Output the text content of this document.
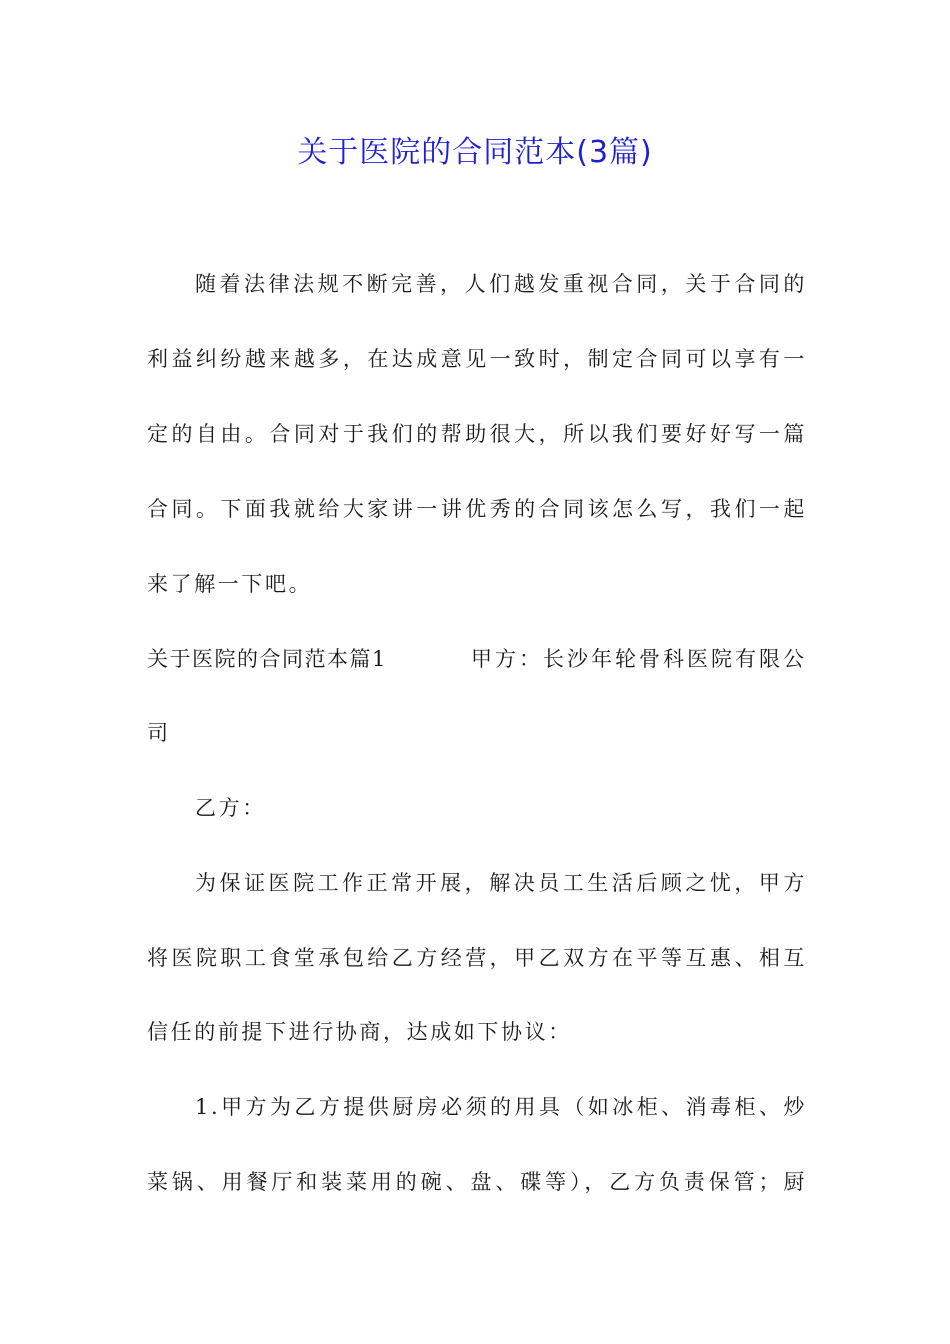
关于医院的合同范本(3篇)
随着法律法规不断完善，人们越发重视合同，关于合同的
利益纠纷越来越多，在达成意见一致时，制定合同可以享有一
定的自由。合同对于我们的帮助很大，所以我们要好好写一篇
合同。下面我就给大家讲一讲优秀的合同该怎么写，我们一起
来了解一下吧。
关于医院的合同范本篇1	甲方：长沙年轮骨科医院有限公
司
乙方：
为保证医院工作正常开展，解决员工生活后顾之忧，甲方
将医院职工食堂承包给乙方经营，甲乙双方在平等互惠、相互
信任的前提下进行协商，达成如下协议：
1.甲方为乙方提供厨房必须的用具（如冰柜、消毒柜、炒
菜锅、用餐厅和装菜用的碗、盘、碟等），乙方负责保管；厨
